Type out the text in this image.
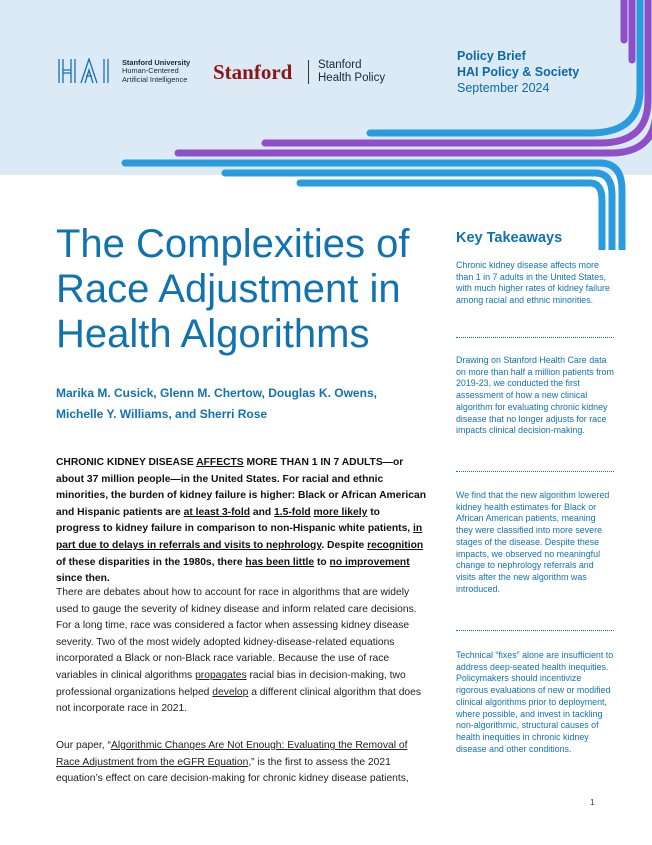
Stanford University
Human-Centered
Artificial Intelligence Stanford Stanford
Health Policy
Policy Brief
HAI Policy & Society
September 2024
The Complexities of Race Adjustment in Health Algorithms
Marika M. Cusick, Glenn M. Chertow, Douglas K. Owens, Michelle Y. Williams, and Sherri Rose
CHRONIC KIDNEY DISEASE AFFECTS MORE THAN 1 IN 7 ADULTS—or about 37 million people—in the United States. For racial and ethnic minorities, the burden of kidney failure is higher: Black or African American and Hispanic patients are at least 3-fold and 1.5-fold more likely to progress to kidney failure in comparison to non-Hispanic white patients, in part due to delays in referrals and visits to nephrology. Despite recognition of these disparities in the 1980s, there has been little to no improvement since then.
There are debates about how to account for race in algorithms that are widely used to gauge the severity of kidney disease and inform related care decisions. For a long time, race was considered a factor when assessing kidney disease severity. Two of the most widely adopted kidney-disease-related equations incorporated a Black or non-Black race variable. Because the use of race variables in clinical algorithms propagates racial bias in decision-making, two professional organizations helped develop a different clinical algorithm that does not incorporate race in 2021.
Our paper, “Algorithmic Changes Are Not Enough: Evaluating the Removal of Race Adjustment from the eGFR Equation,” is the first to assess the 2021 equation’s effect on care decision-making for chronic kidney disease patients,
Key Takeaways
Chronic kidney disease affects more than 1 in 7 adults in the United States, with much higher rates of kidney failure among racial and ethnic minorities.
Drawing on Stanford Health Care data on more than half a million patients from 2019-23, we conducted the first assessment of how a new clinical algorithm for evaluating chronic kidney disease that no longer adjusts for race impacts clinical decision-making.
We find that the new algorithm lowered kidney health estimates for Black or African American patients, meaning they were classified into more severe stages of the disease. Despite these impacts, we observed no meaningful change to nephrology referrals and visits after the new algorithm was introduced.
Technical “fixes” alone are insufficient to address deep-seated health inequities. Policymakers should incentivize rigorous evaluations of new or modified clinical algorithms prior to deployment, where possible, and invest in tackling non-algorithmic, structural causes of health inequities in chronic kidney disease and other conditions.
1
